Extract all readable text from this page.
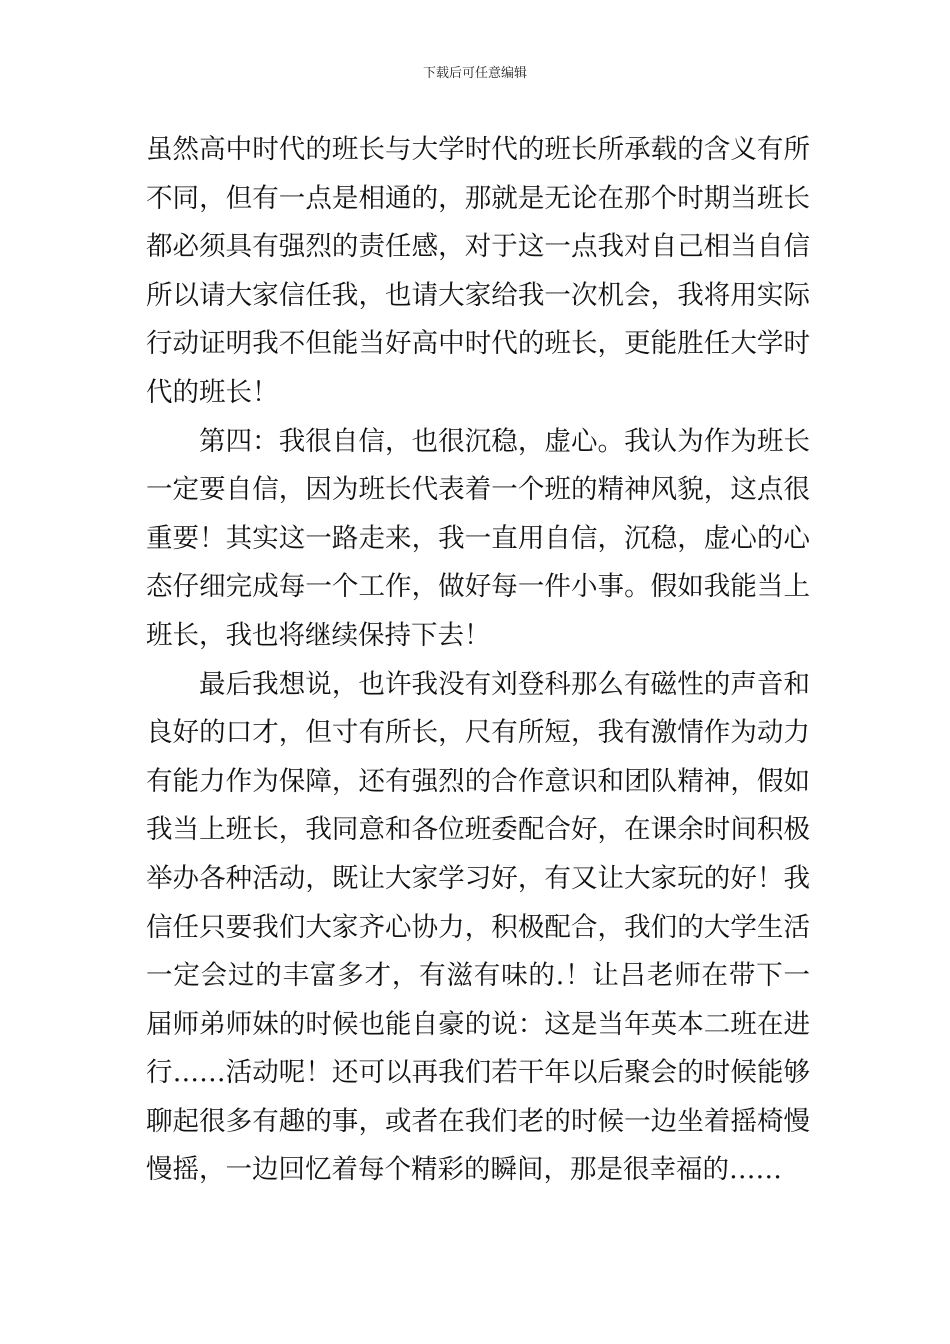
下载后可任意编辑

虽然高中时代的班长与大学时代的班长所承载的含义有所不同，但有一点是相通的，那就是无论在那个时期当班长都必须具有强烈的责任感，对于这一点我对自己相当自信所以请大家信任我，也请大家给我一次机会，我将用实际行动证明我不但能当好高中时代的班长，更能胜任大学时代的班长！

第四：我很自信，也很沉稳，虚心。我认为作为班长一定要自信，因为班长代表着一个班的精神风貌，这点很重要！其实这一路走来，我一直用自信，沉稳，虚心的心态仔细完成每一个工作，做好每一件小事。假如我能当上班长，我也将继续保持下去！

最后我想说，也许我没有刘登科那么有磁性的声音和良好的口才，但寸有所长，尺有所短，我有激情作为动力有能力作为保障，还有强烈的合作意识和团队精神，假如我当上班长，我同意和各位班委配合好，在课余时间积极举办各种活动，既让大家学习好，有又让大家玩的好！我信任只要我们大家齐心协力，积极配合，我们的大学生活一定会过的丰富多才，有滋有味的.！让吕老师在带下一届师弟师妹的时候也能自豪的说：这是当年英本二班在进行……活动呢！还可以再我们若干年以后聚会的时候能够聊起很多有趣的事，或者在我们老的时候一边坐着摇椅慢慢摇，一边回忆着每个精彩的瞬间，那是很幸福的……
